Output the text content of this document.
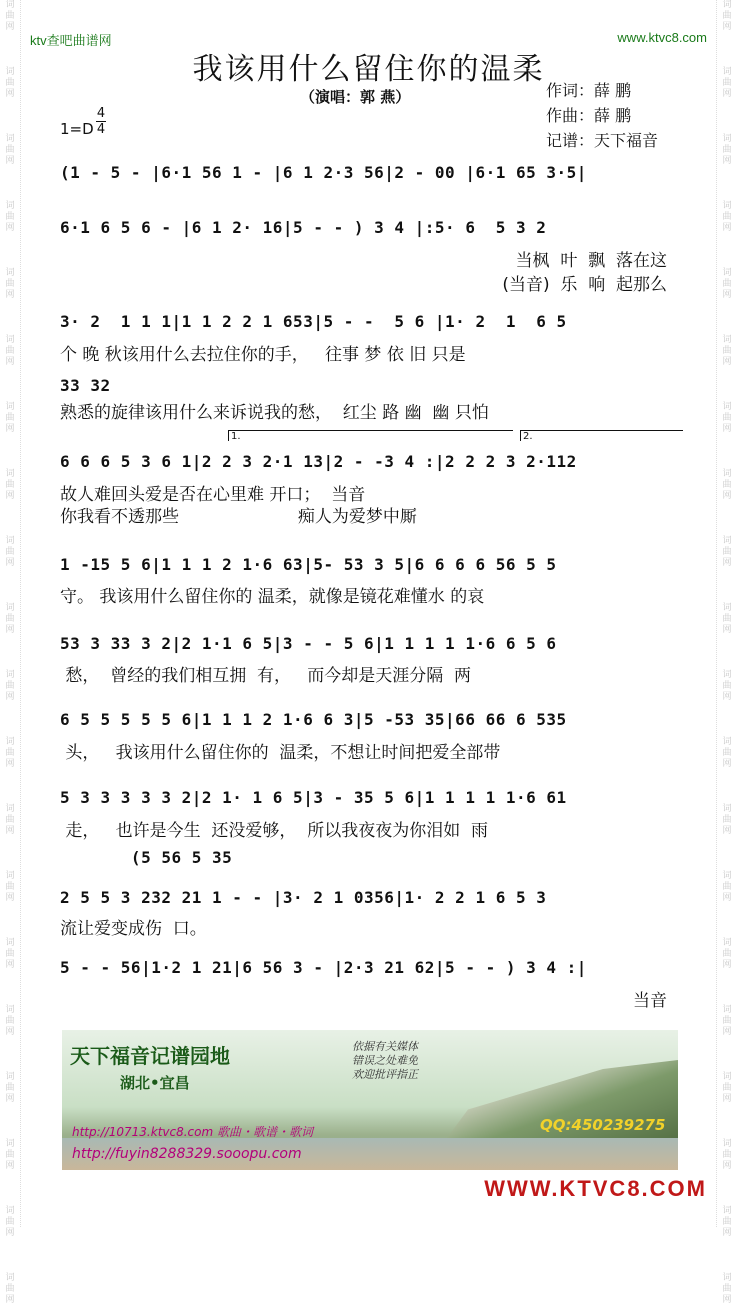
词
曲
网
词
曲
网
词
曲
网
词
曲
网
词
曲
网
词
曲
网
词
曲
网
词
曲
网
词
曲
网
词
曲
网
词
曲
网
词
曲
网
词
曲
网
词
曲
网
词
曲
网
词
曲
网
词
曲
网
词
曲
网
词
曲
网
词
曲
网
词
曲
网
词
曲
网
词
曲
网
词
曲
网
词
曲
网
词
曲
网
词
曲
网
词
曲
网
词
曲
网
词
曲
网
词
曲
网
词
曲
网
词
曲
网
词
曲
网
词
曲
网
词
曲
网
词
曲
网
词
曲
网
词
曲
网
词
曲
网
ktv查吧曲谱网	www.ktvc8.com
我该用什么留住你的温柔
（演唱：郭 燕）	作词：薛 鹏
作曲：薛 鹏
记谱：天下福音
1=D
4
4
(1 - 5 - |6·1 56 1 - |6 1 2·3 56|2 - 00 |6·1 65 3·5|
6·1 6 5 6 - |6 1 2· 16|5 - - ) 3 4 |:5· 6  5 3 2
当枫  叶  飘  落在这
(当音)  乐  响  起那么
3· 2  1 1 1|1 1 2 2 1 653|5 - -  5 6 |1· 2  1  6 5
个 晚 秋该用什么去拉住你的手，   往事 梦 依 旧 只是
33 32
熟悉的旋律该用什么来诉说我的愁，  红尘 路 幽  幽 只怕
1.	2.
6 6 6 5 3 6 1|2 2 3 2·1 13|2 - -3 4 :|2 2 2 3 2·112
故人难回头爱是否在心里难 开口；  当音
你我看不透那些                      痴人为爱梦中厮
1 -15 5 6|1 1 1 2 1·6 63|5- 53 3 5|6 6 6 6 56 5 5
守。 我该用什么留住你的 温柔，就像是镜花难懂水 的哀
53 3 33 3 2|2 1·1 6 5|3 - - 5 6|1 1 1 1 1·6 6 5 6
愁，  曾经的我们相互拥  有，   而今却是天涯分隔  两
6 5 5 5 5 5 6|1 1 1 2 1·6 6 3|5 -53 35|66 66 6 535
头，   我该用什么留住你的  温柔，不想让时间把爱全部带
5 3 3 3 3 3 2|2 1· 1 6 5|3 - 35 5 6|1 1 1 1 1·6 61
走，   也许是今生  还没爱够，  所以我夜夜为你泪如  雨
(5 56 5 35
2 5 5 3 232 21 1 - - |3· 2 1 0356|1· 2 2 1 6 5 3
流让爱变成伤  口。
5 - - 56|1·2 1 21|6 56 3 - |2·3 21 62|5 - - ) 3 4 :|
当音
天下福音记谱园地
湖北•宜昌
依据有关媒体
错误之处难免
欢迎批评指正
http://10713.ktvc8.com 歌曲・歌谱・歌词
http://fuyin8288329.sooopu.com
QQ:450239275
WWW.KTVC8.COM
